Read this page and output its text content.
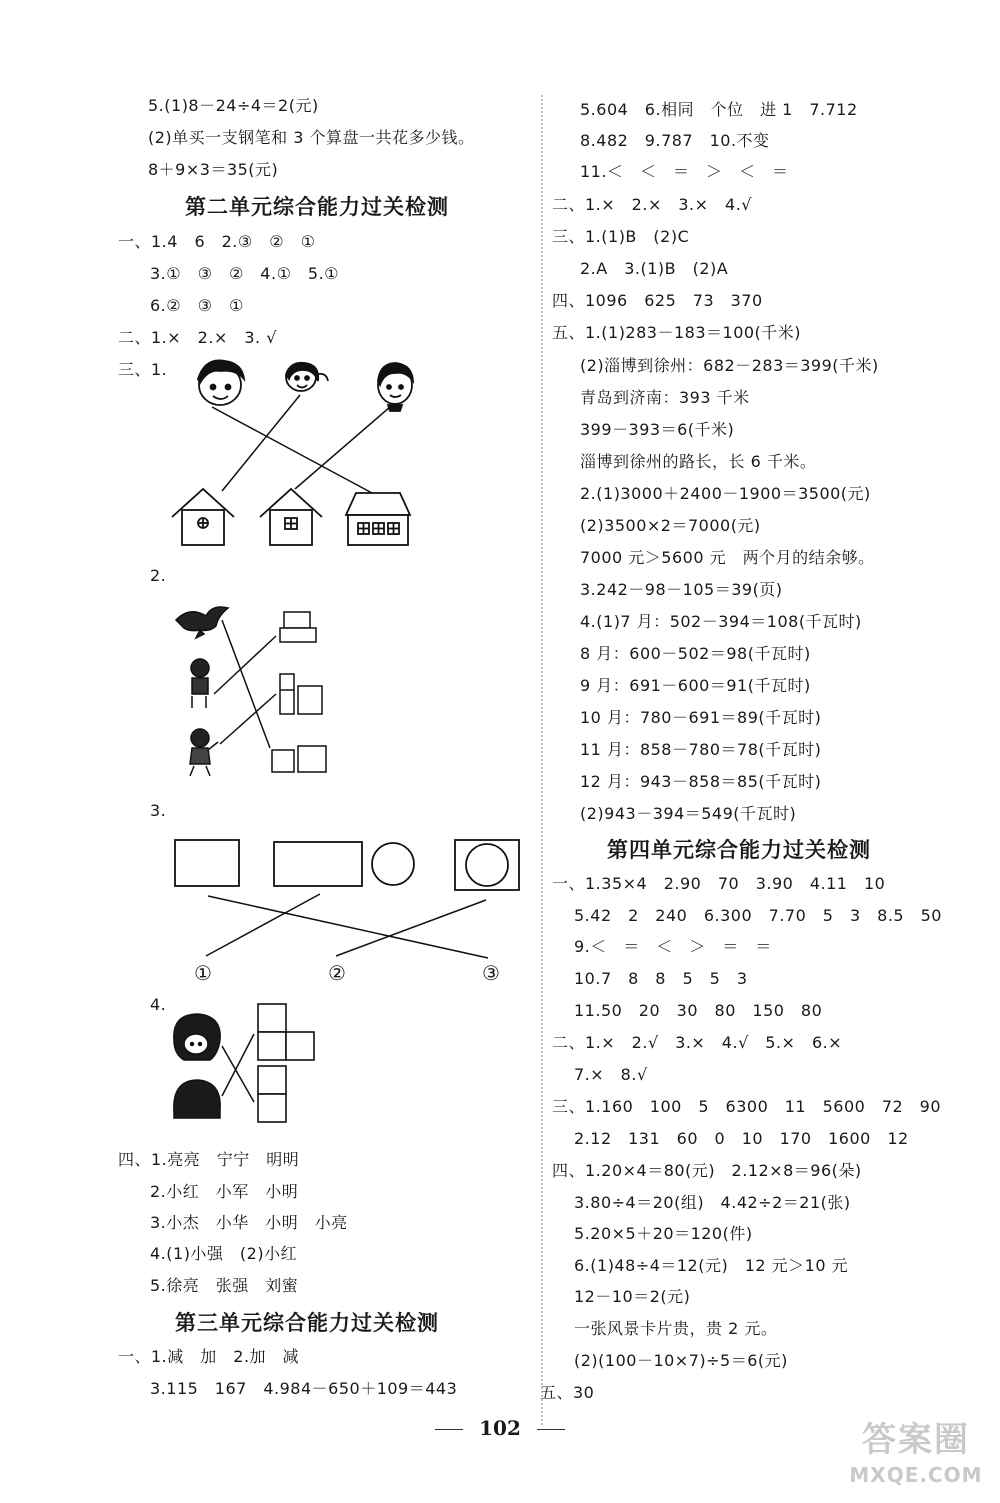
5.(1)8－24÷4＝2(元)
(2)单买一支钢笔和 3 个算盘一共花多少钱。
8＋9×3＝35(元)
第二单元综合能力过关检测
一、1.4　6　2.③　②　①
3.①　③　②　4.①　5.①
6.②　③　①
二、1.×　2.×　3. √
三、1.
2.
3.
①	②	③
4.
四、1.亮亮　宁宁　明明
2.小红　小军　小明
3.小杰　小华　小明　小亮
4.(1)小强　(2)小红
5.徐亮　张强　刘蜜
第三单元综合能力过关检测
一、1.减　加　2.加　减
3.115　167　4.984－650＋109＝443
5.604　6.相同　个位　进 1　7.712
8.482　9.787　10.不变
11.＜　＜　＝　＞　＜　＝
二、1.×　2.×　3.×　4.√
三、1.(1)B　(2)C
2.A　3.(1)B　(2)A
四、1096　625　73　370
五、1.(1)283－183＝100(千米)
(2)淄博到徐州：682－283＝399(千米)
青岛到济南：393 千米
399－393＝6(千米)
淄博到徐州的路长，长 6 千米。
2.(1)3000＋2400－1900＝3500(元)
(2)3500×2＝7000(元)
7000 元＞5600 元　两个月的结余够。
3.242－98－105＝39(页)
4.(1)7 月：502－394＝108(千瓦时)
8 月：600－502＝98(千瓦时)
9 月：691－600＝91(千瓦时)
10 月：780－691＝89(千瓦时)
11 月：858－780＝78(千瓦时)
12 月：943－858＝85(千瓦时)
(2)943－394＝549(千瓦时)
第四单元综合能力过关检测
一、1.35×4　2.90　70　3.90　4.11　10
5.42　2　240　6.300　7.70　5　3　8.5　50
9.＜　＝　＜　＞　＝　＝
10.7　8　8　5　5　3
11.50　20　30　80　150　80
二、1.×　2.√　3.×　4.√　5.×　6.×
7.×　8.√
三、1.160　100　5　6300　11　5600　72　90
2.12　131　60　0　10　170　1600　12
四、1.20×4＝80(元)　2.12×8＝96(朵)
3.80÷4＝20(组)　4.42÷2＝21(张)
5.20×5＋20＝120(件)
6.(1)48÷4＝12(元)　12 元＞10 元
12－10＝2(元)
一张风景卡片贵，贵 2 元。
(2)(100－10×7)÷5＝6(元)
五、30
102	答案圈
MXQE.COM
